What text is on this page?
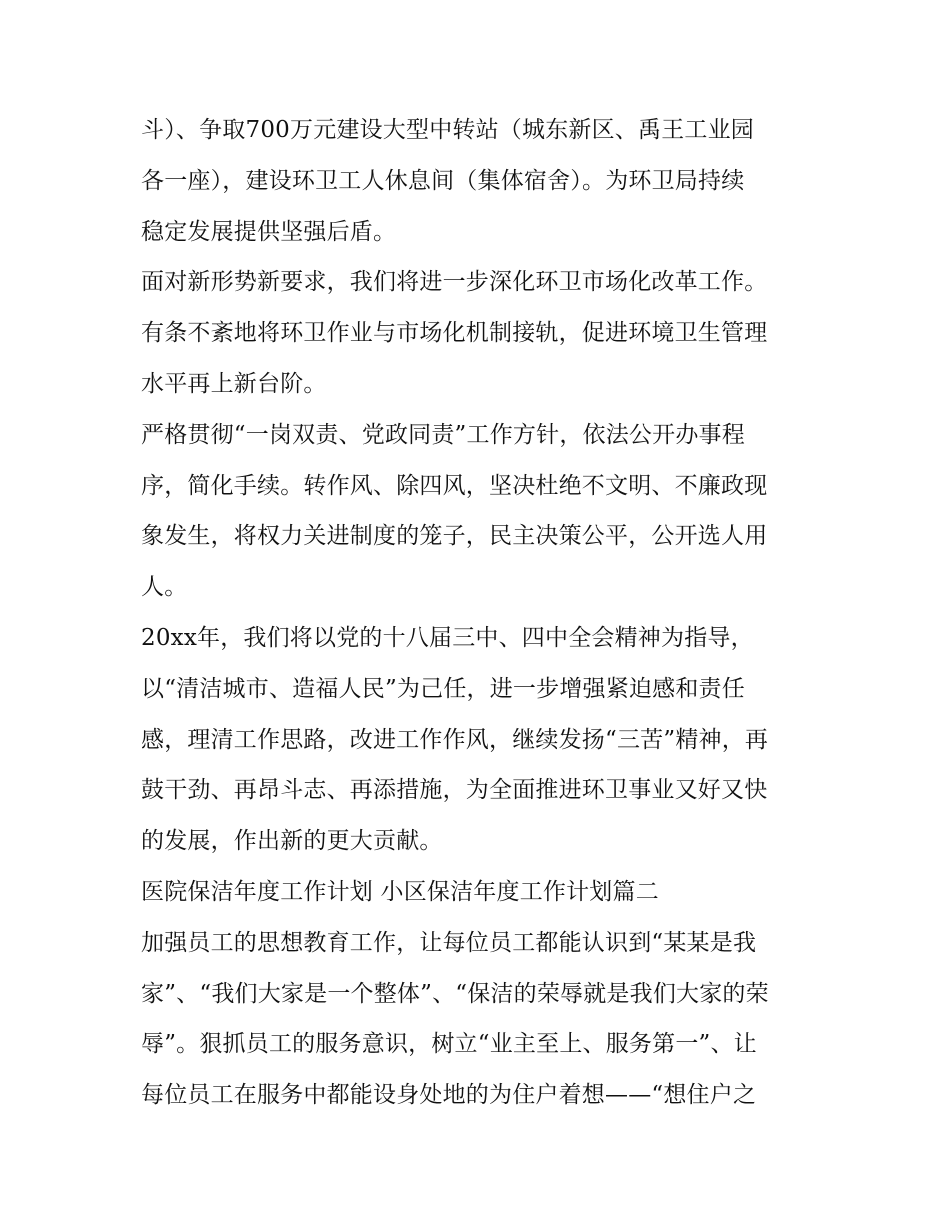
斗）、争取700万元建设大型中转站（城东新区、禹王工业园
各一座），建设环卫工人休息间（集体宿舍）。为环卫局持续
稳定发展提供坚强后盾。

面对新形势新要求，我们将进一步深化环卫市场化改革工作。
有条不紊地将环卫作业与市场化机制接轨，促进环境卫生管理
水平再上新台阶。

严格贯彻“一岗双责、党政同责”工作方针，依法公开办事程
序，简化手续。转作风、除四风，坚决杜绝不文明、不廉政现
象发生，将权力关进制度的笼子，民主决策公平，公开选人用
人。

20xx年，我们将以党的十八届三中、四中全会精神为指导，
以“清洁城市、造福人民”为己任，进一步增强紧迫感和责任
感，理清工作思路，改进工作作风，继续发扬“三苦”精神，再
鼓干劲、再昂斗志、再添措施，为全面推进环卫事业又好又快
的发展，作出新的更大贡献。

医院保洁年度工作计划 小区保洁年度工作计划篇二

加强员工的思想教育工作，让每位员工都能认识到“某某是我
家”、“我们大家是一个整体”、“保洁的荣辱就是我们大家的荣
辱”。狠抓员工的服务意识，树立“业主至上、服务第一”、让
每位员工在服务中都能设身处地的为住户着想——“想住户之
